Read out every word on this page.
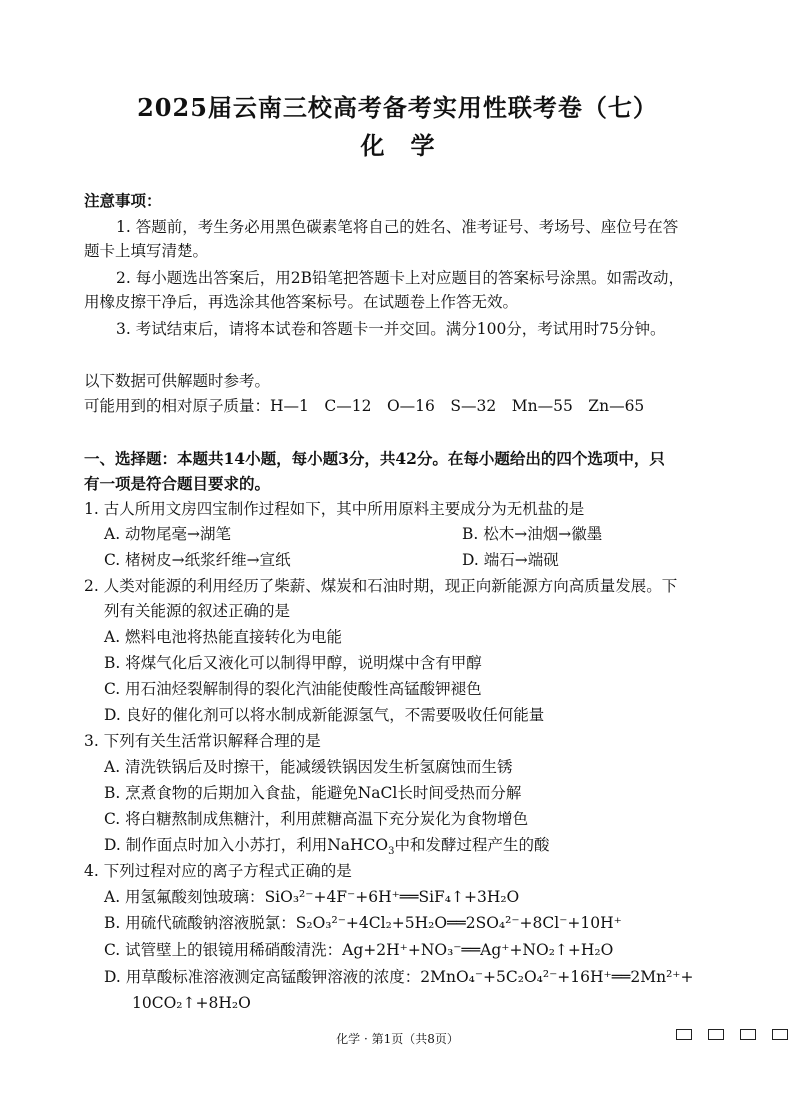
2025届云南三校高考备考实用性联考卷（七）
化学
注意事项：
1. 答题前，考生务必用黑色碳素笔将自己的姓名、准考证号、考场号、座位号在答
题卡上填写清楚。
2. 每小题选出答案后，用2B铅笔把答题卡上对应题目的答案标号涂黑。如需改动，
用橡皮擦干净后，再选涂其他答案标号。在试题卷上作答无效。
3. 考试结束后，请将本试卷和答题卡一并交回。满分100分，考试用时75分钟。
以下数据可供解题时参考。
可能用到的相对原子质量：H—1　C—12　O—16　S—32　Mn—55　Zn—65
一、选择题：本题共14小题，每小题3分，共42分。在每小题给出的四个选项中，只
有一项是符合题目要求的。
1. 古人所用文房四宝制作过程如下，其中所用原料主要成分为无机盐的是
A. 动物尾毫→湖笔	B. 松木→油烟→徽墨
C. 楮树皮→纸浆纤维→宣纸	D. 端石→端砚
2. 人类对能源的利用经历了柴薪、煤炭和石油时期，现正向新能源方向高质量发展。下
列有关能源的叙述正确的是
A. 燃料电池将热能直接转化为电能
B. 将煤气化后又液化可以制得甲醇，说明煤中含有甲醇
C. 用石油烃裂解制得的裂化汽油能使酸性高锰酸钾褪色
D. 良好的催化剂可以将水制成新能源氢气，不需要吸收任何能量
3. 下列有关生活常识解释合理的是
A. 清洗铁锅后及时擦干，能减缓铁锅因发生析氢腐蚀而生锈
B. 烹煮食物的后期加入食盐，能避免NaCl长时间受热而分解
C. 将白糖熬制成焦糖汁，利用蔗糖高温下充分炭化为食物增色
D. 制作面点时加入小苏打，利用NaHCO$_3$中和发酵过程产生的酸
4. 下列过程对应的离子方程式正确的是
A. 用氢氟酸刻蚀玻璃：SiO₃²⁻+4F⁻+6H⁺══SiF₄↑+3H₂O
B. 用硫代硫酸钠溶液脱氯：S₂O₃²⁻+4Cl₂+5H₂O══2SO₄²⁻+8Cl⁻+10H⁺
C. 试管壁上的银镜用稀硝酸清洗：Ag+2H⁺+NO₃⁻══Ag⁺+NO₂↑+H₂O
D. 用草酸标准溶液测定高锰酸钾溶液的浓度：2MnO₄⁻+5C₂O₄²⁻+16H⁺══2Mn²⁺+
10CO₂↑+8H₂O
化学 · 第1页（共8页）
